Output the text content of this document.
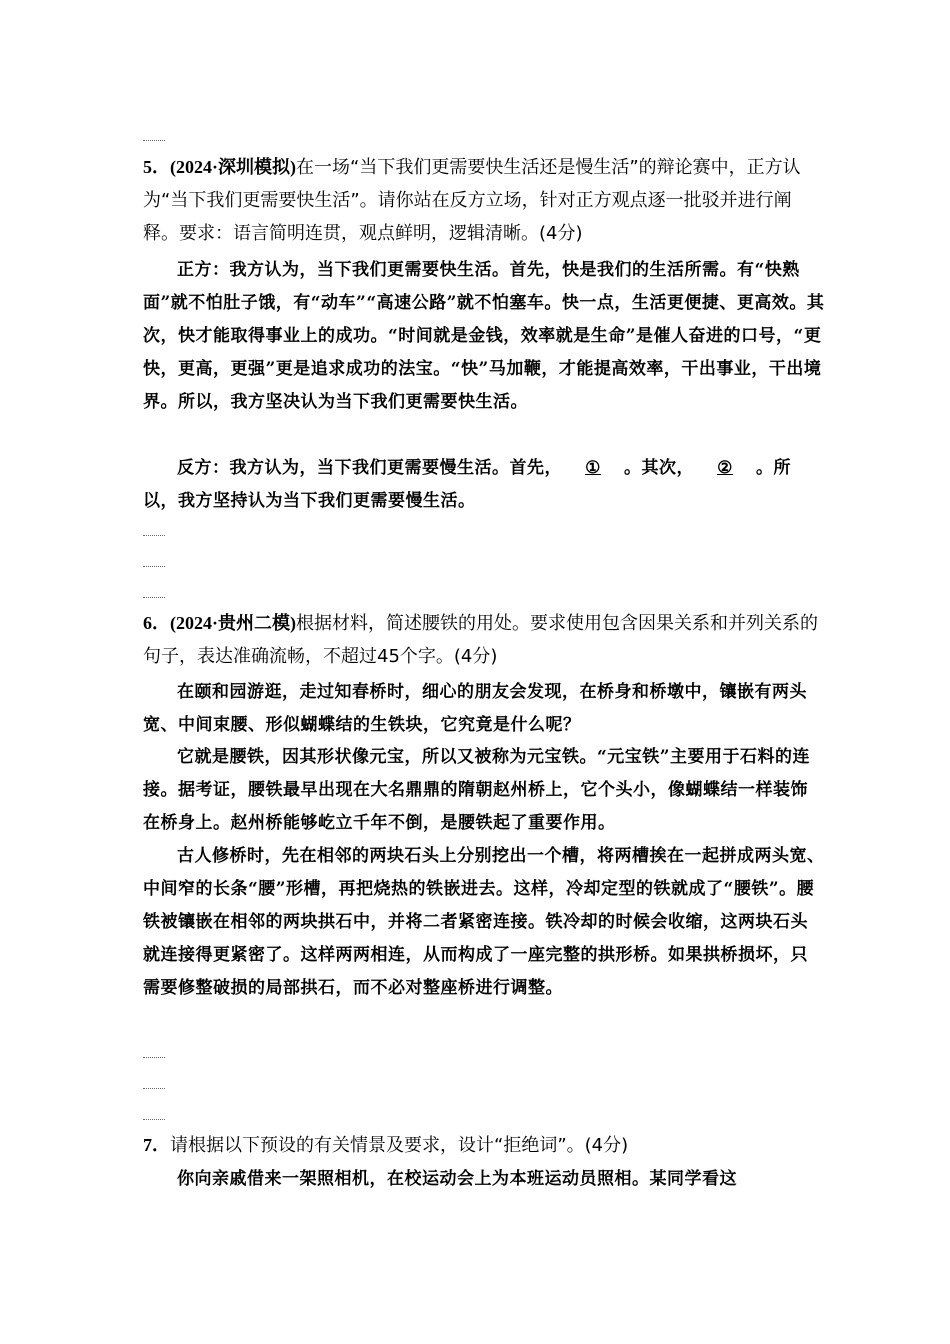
5．(2024·深圳模拟)在一场“当下我们更需要快生活还是慢生活”的辩论赛中，正方认为“当下我们更需要快生活”。请你站在反方立场，针对正方观点逐一批驳并进行阐释。要求：语言简明连贯，观点鲜明，逻辑清晰。(4分)

正方：我方认为，当下我们更需要快生活。首先，快是我们的生活所需。有“快熟面”就不怕肚子饿，有“动车”“高速公路”就不怕塞车。快一点，生活更便捷、更高效。其次，快才能取得事业上的成功。“时间就是金钱，效率就是生命”是催人奋进的口号，“更快，更高，更强”更是追求成功的法宝。“快”马加鞭，才能提高效率，干出事业，干出境界。所以，我方坚决认为当下我们更需要快生活。

反方：我方认为，当下我们更需要慢生活。首先， ① 。其次， ② 。所以，我方坚持认为当下我们更需要慢生活。

6．(2024·贵州二模)根据材料，简述腰铁的用处。要求使用包含因果关系和并列关系的句子，表达准确流畅，不超过45个字。(4分)

在颐和园游逛，走过知春桥时，细心的朋友会发现，在桥身和桥墩中，镶嵌有两头宽、中间束腰、形似蝴蝶结的生铁块，它究竟是什么呢？

它就是腰铁，因其形状像元宝，所以又被称为元宝铁。“元宝铁”主要用于石料的连接。据考证，腰铁最早出现在大名鼎鼎的隋朝赵州桥上，它个头小，像蝴蝶结一样装饰在桥身上。赵州桥能够屹立千年不倒，是腰铁起了重要作用。

古人修桥时，先在相邻的两块石头上分别挖出一个槽，将两槽挨在一起拼成两头宽、中间窄的长条“腰”形槽，再把烧热的铁嵌进去。这样，冷却定型的铁就成了“腰铁”。腰铁被镶嵌在相邻的两块拱石中，并将二者紧密连接。铁冷却的时候会收缩，这两块石头就连接得更紧密了。这样两两相连，从而构成了一座完整的拱形桥。如果拱桥损坏，只需要修整破损的局部拱石，而不必对整座桥进行调整。

7．请根据以下预设的有关情景及要求，设计“拒绝词”。(4分)

你向亲戚借来一架照相机，在校运动会上为本班运动员照相。某同学看这
